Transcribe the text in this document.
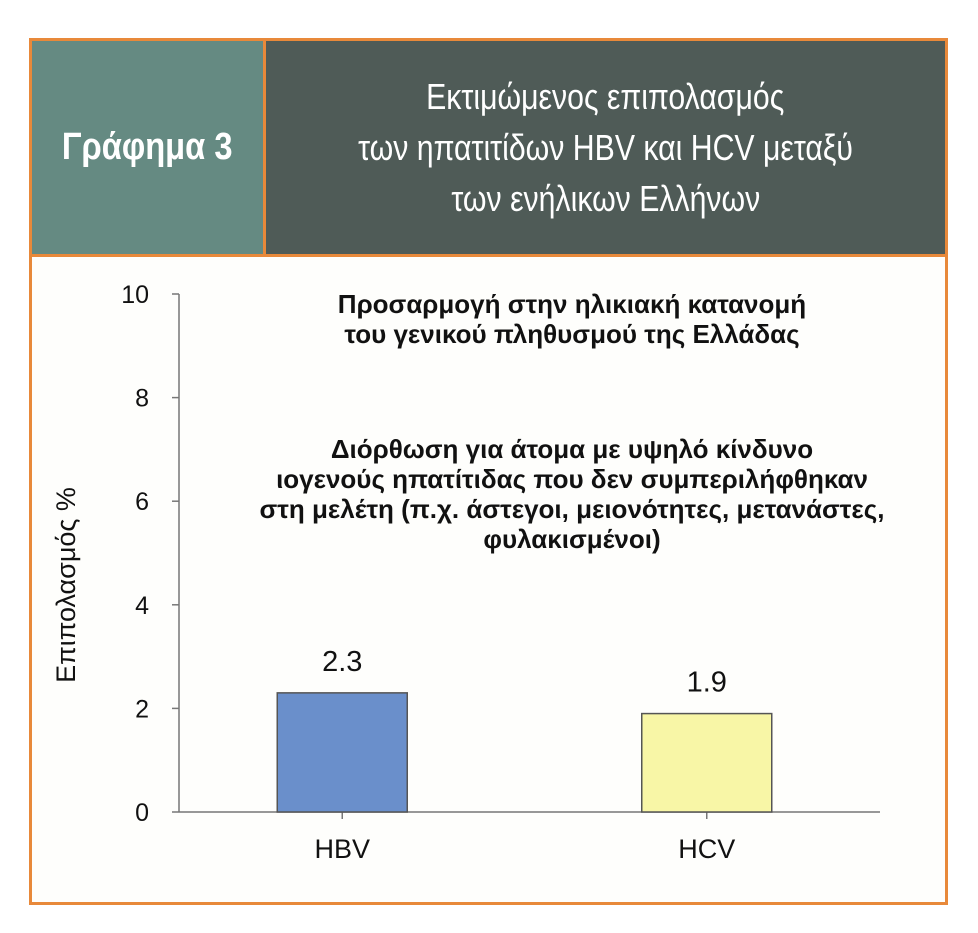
Γράφημα 3
Εκτιμώμενος επιπολασμός
των ηπατιτίδων HBV και HCV μεταξύ
των ενήλικων Ελλήνων
0
2
4
6
8
10
Επιπολασμός %	2.3
HBV
1.9
HCV
Προσαρμογή στην ηλικιακή κατανομή
του γενικού πληθυσμού της Ελλάδας
Διόρθωση για άτομα με υψηλό κίνδυνο
ιογενούς ηπατίτιδας που δεν συμπεριλήφθηκαν
στη μελέτη (π.χ. άστεγοι, μειονότητες, μετανάστες,
φυλακισμένοι)
